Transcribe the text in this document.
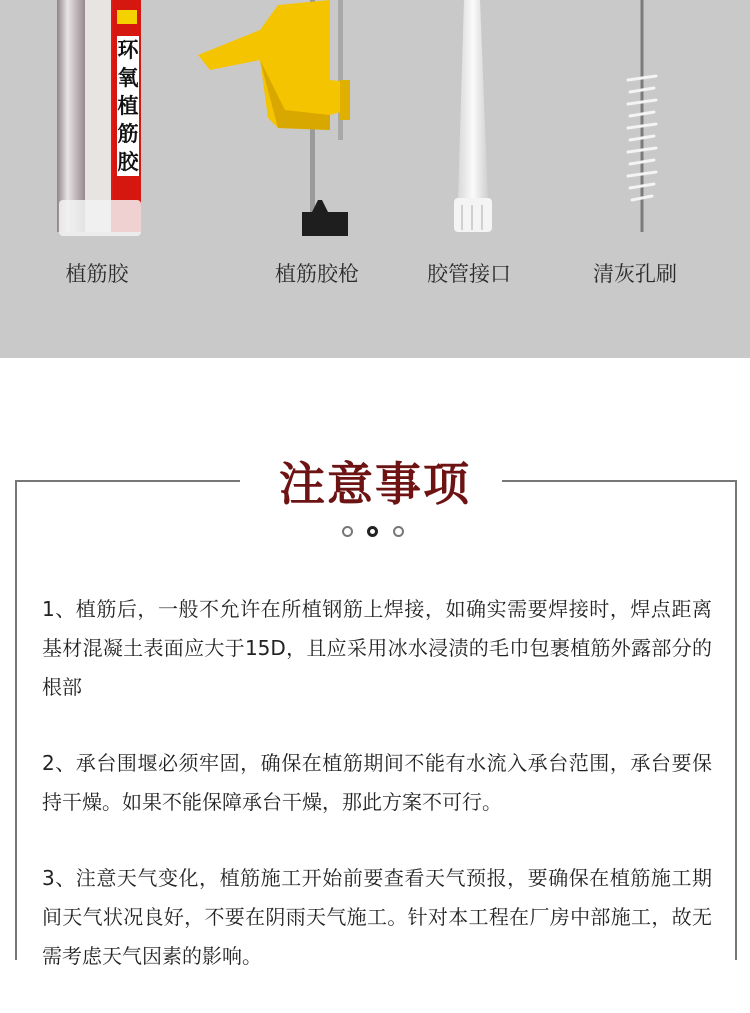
环氧植筋胶
植筋胶	植筋胶枪	胶管接口	清灰孔刷
注意事项

1、植筋后，一般不允许在所植钢筋上焊接，如确实需要焊接时，焊点距离基材混凝土表面应大于15D，且应采用冰水浸渍的毛巾包裹植筋外露部分的根部

2、承台围堰必须牢固，确保在植筋期间不能有水流入承台范围，承台要保持干燥。如果不能保障承台干燥，那此方案不可行。

3、注意天气变化，植筋施工开始前要查看天气预报，要确保在植筋施工期间天气状况良好，不要在阴雨天气施工。针对本工程在厂房中部施工，故无需考虑天气因素的影响。
